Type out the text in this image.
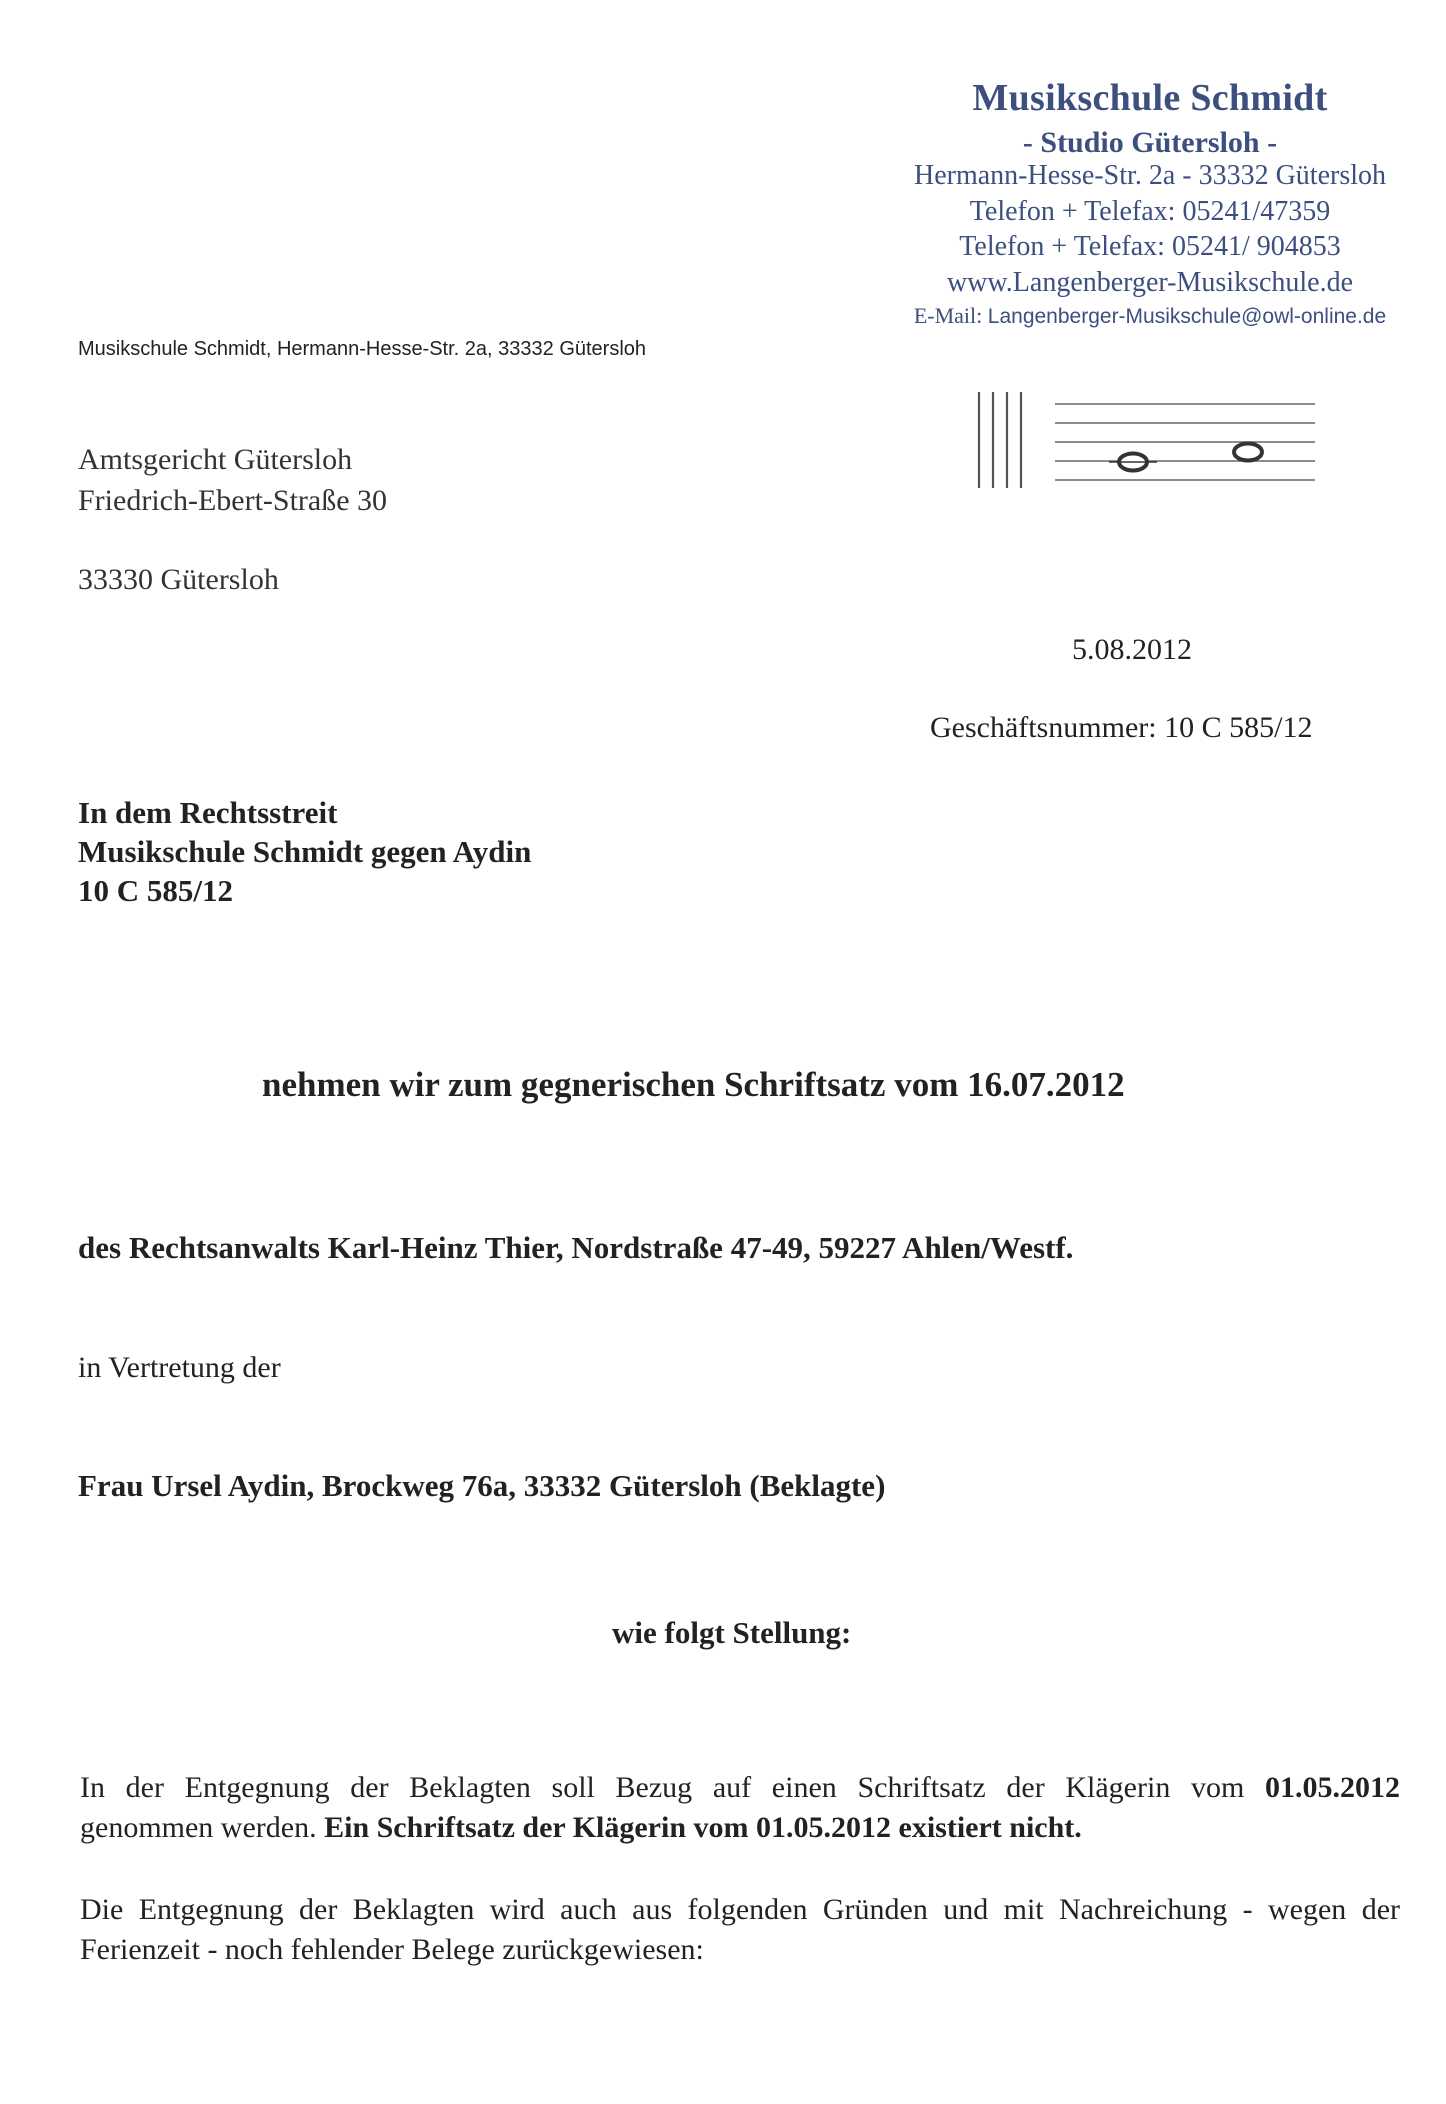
Musikschule Schmidt
- Studio Gütersloh -
Hermann-Hesse-Str. 2a - 33332 Gütersloh
Telefon + Telefax: 05241/47359
Telefon + Telefax: 05241/ 904853
www.Langenberger-Musikschule.de
E-Mail: Langenberger-Musikschule@owl-online.de
Musikschule Schmidt, Hermann-Hesse-Str. 2a, 33332 Gütersloh
Amtsgericht Gütersloh
Friedrich-Ebert-Straße 30
33330 Gütersloh
5.08.2012
Geschäftsnummer: 10 C 585/12
In dem Rechtsstreit
Musikschule Schmidt gegen Aydin
10 C 585/12
nehmen wir zum gegnerischen Schriftsatz vom 16.07.2012
des Rechtsanwalts Karl-Heinz Thier, Nordstraße 47-49, 59227 Ahlen/Westf.
in Vertretung der
Frau Ursel Aydin, Brockweg 76a, 33332 Gütersloh (Beklagte)
wie folgt Stellung:
In der Entgegnung der Beklagten soll Bezug auf einen Schriftsatz der Klägerin vom 01.05.2012
genommen werden. Ein Schriftsatz der Klägerin vom 01.05.2012 existiert nicht.
Die Entgegnung der Beklagten wird auch aus folgenden Gründen und mit Nachreichung - wegen der
Ferienzeit - noch fehlender Belege zurückgewiesen:
